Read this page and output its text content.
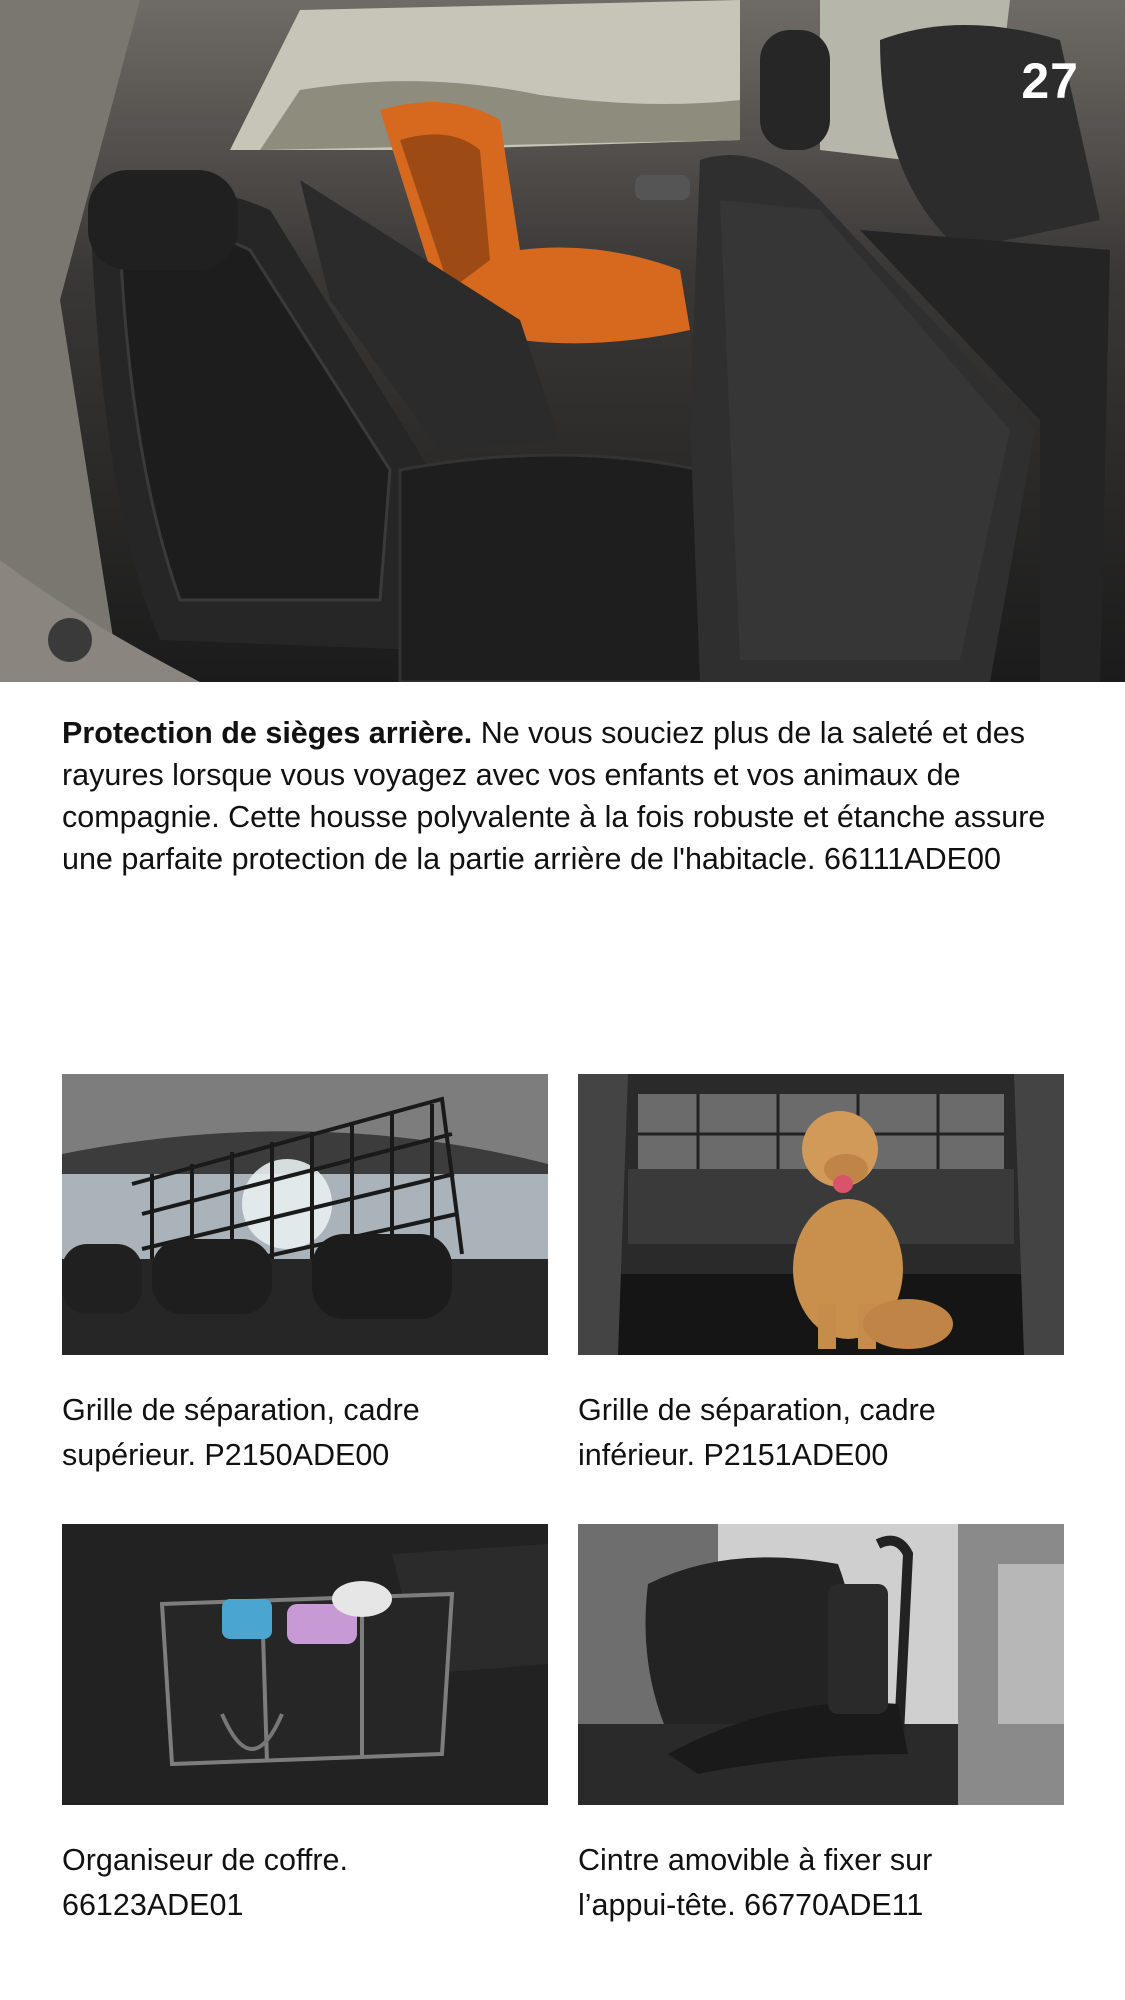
27

Protection de sièges arrière. Ne vous souciez plus de la saleté et des rayures lorsque vous voyagez avec vos enfants et vos animaux de compagnie. Cette housse polyvalente à la fois robuste et étanche assure une parfaite protection de la partie arrière de l'habitacle. 66111ADE00

Grille de séparation, cadre
supérieur. P2150ADE00
Grille de séparation, cadre
inférieur. P2151ADE00
Organiseur de coffre.
66123ADE01
Cintre amovible à fixer sur
l’appui-tête. 66770ADE11
